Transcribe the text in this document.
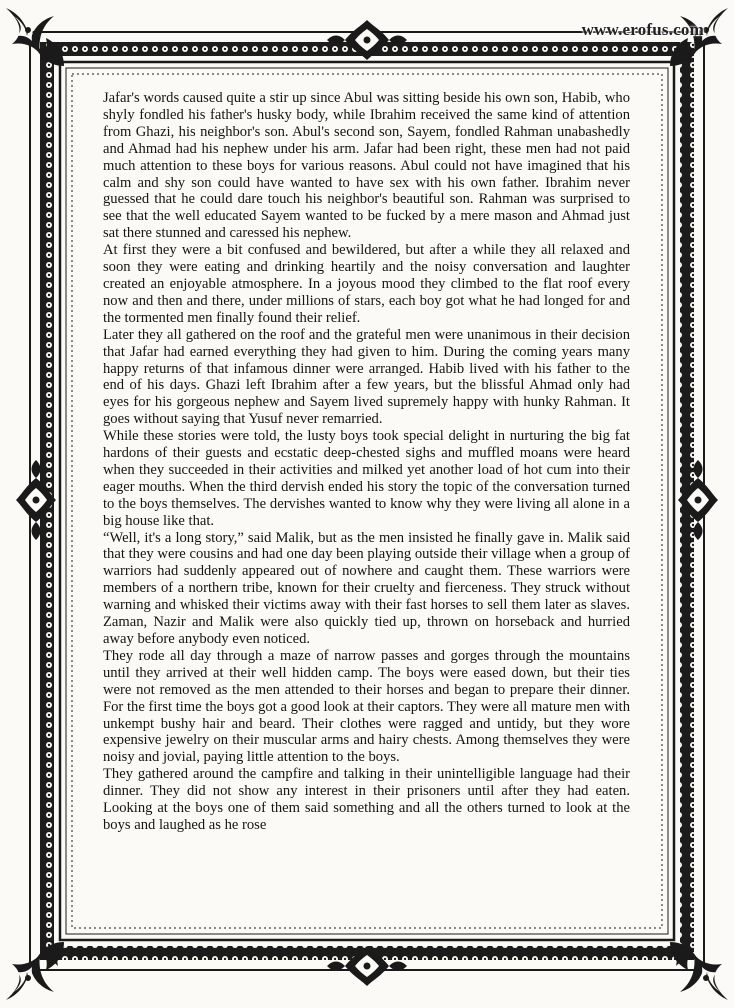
www.erofus.com

Jafar's words caused quite a stir up since Abul was sitting beside his own son, Habib, who shyly fondled his father's husky body, while Ibrahim received the same kind of attention from Ghazi, his neighbor's son. Abul's second son, Sayem, fondled Rahman unabashedly and Ahmad had his nephew under his arm. Jafar had been right, these men had not paid much attention to these boys for various reasons. Abul could not have imagined that his calm and shy son could have wanted to have sex with his own father. Ibrahim never guessed that he could dare touch his neighbor's beautiful son. Rahman was surprised to see that the well educated Sayem wanted to be fucked by a mere mason and Ahmad just sat there stunned and caressed his nephew.

At first they were a bit confused and bewildered, but after a while they all relaxed and soon they were eating and drinking heartily and the noisy conversation and laughter created an enjoyable atmosphere. In a joyous mood they climbed to the flat roof every now and then and there, under millions of stars, each boy got what he had longed for and the tormented men finally found their relief.

Later they all gathered on the roof and the grateful men were unanimous in their decision that Jafar had earned everything they had given to him. During the coming years many happy returns of that infamous dinner were arranged. Habib lived with his father to the end of his days. Ghazi left Ibrahim after a few years, but the blissful Ahmad only had eyes for his gorgeous nephew and Sayem lived supremely happy with hunky Rahman. It goes without saying that Yusuf never remarried.

While these stories were told, the lusty boys took special delight in nurturing the big fat hardons of their guests and ecstatic deep-chested sighs and muffled moans were heard when they succeeded in their activities and milked yet another load of hot cum into their eager mouths. When the third dervish ended his story the topic of the conversation turned to the boys themselves. The dervishes wanted to know why they were living all alone in a big house like that.

“Well, it's a long story,” said Malik, but as the men insisted he finally gave in. Malik said that they were cousins and had one day been playing outside their village when a group of warriors had suddenly appeared out of nowhere and caught them. These warriors were members of a northern tribe, known for their cruelty and fierceness. They struck without warning and whisked their victims away with their fast horses to sell them later as slaves. Zaman, Nazir and Malik were also quickly tied up, thrown on horseback and hurried away before anybody even noticed.

They rode all day through a maze of narrow passes and gorges through the mountains until they arrived at their well hidden camp. The boys were eased down, but their ties were not removed as the men attended to their horses and began to prepare their dinner. For the first time the boys got a good look at their captors. They were all mature men with unkempt bushy hair and beard. Their clothes were ragged and untidy, but they wore expensive jewelry on their muscular arms and hairy chests. Among themselves they were noisy and jovial, paying little attention to the boys.

They gathered around the campfire and talking in their unintelligible language had their dinner. They did not show any interest in their prisoners until after they had eaten. Looking at the boys one of them said something and all the others turned to look at the boys and laughed as he rose
